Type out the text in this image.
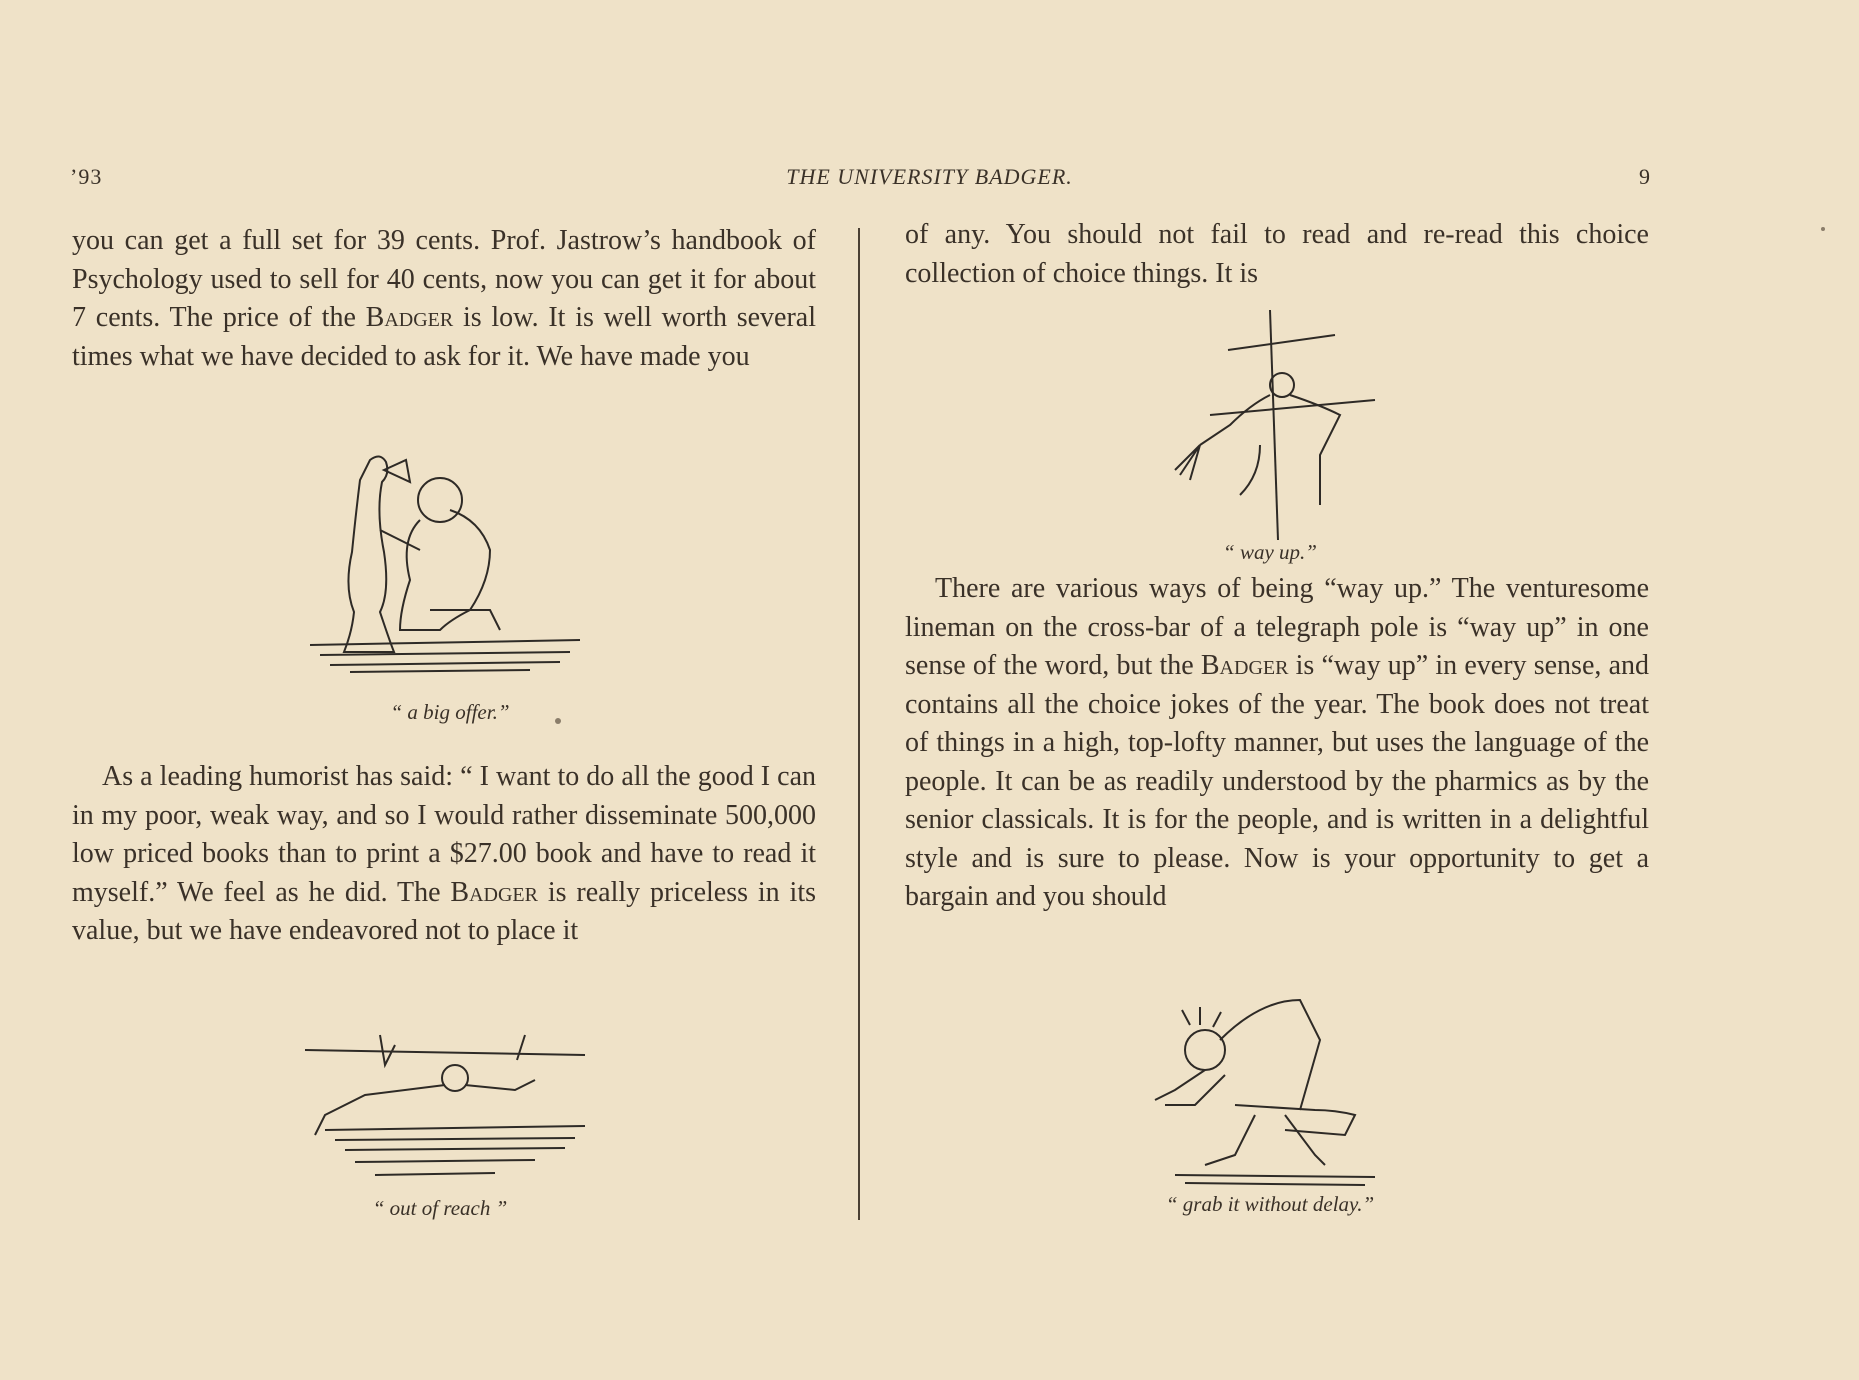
’93	THE UNIVERSITY BADGER.	9

you can get a full set for 39 cents. Prof. Jastrow’s handbook of Psychology used to sell for 40 cents, now you can get it for about 7 cents. The price of the Badger is low. It is well worth several times what we have decided to ask for it. We have made you

“ a big offer.”

As a leading humorist has said: “ I want to do all the good I can in my poor, weak way, and so I would rather disseminate 500,000 low priced books than to print a $27.00 book and have to read it myself.” We feel as he did. The Badger is really priceless in its value, but we have endeavored not to place it

“ out of reach ”

of any. You should not fail to read and re-read this choice collection of choice things. It is

“ way up.”

There are various ways of being “way up.” The venturesome lineman on the cross-bar of a telegraph pole is “way up” in one sense of the word, but the Badger is “way up” in every sense, and contains all the choice jokes of the year. The book does not treat of things in a high, top-lofty manner, but uses the language of the people. It can be as readily understood by the pharmics as by the senior classicals. It is for the people, and is written in a delightful style and is sure to please. Now is your opportunity to get a bargain and you should

“ grab it without delay.”
